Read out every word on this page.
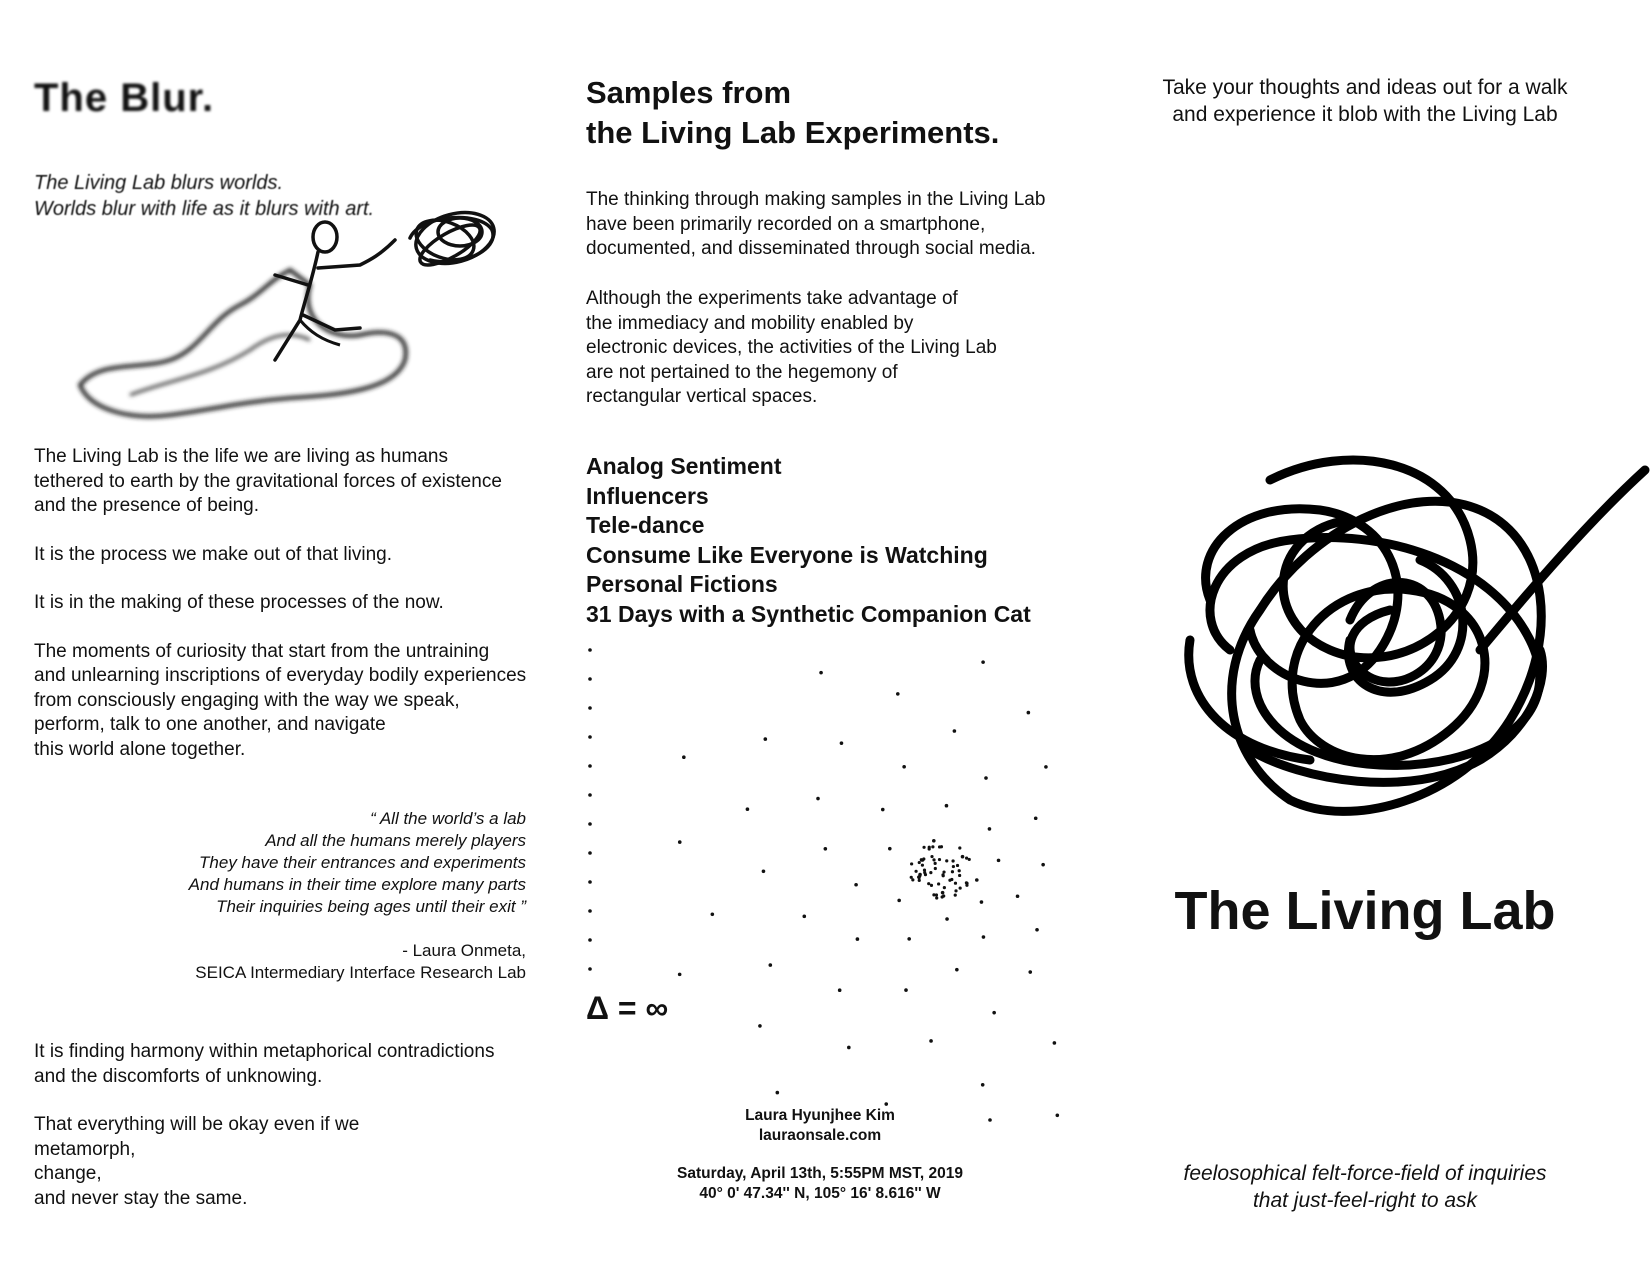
The Blur.
The Living Lab blurs worlds.
Worlds blur with life as it blurs with art.

The Living Lab is the life we are living as humans
tethered to earth by the gravitational forces of existence
and the presence of being.

It is the process we make out of that living.

It is in the making of these processes of the now.

The moments of curiosity that start from the untraining
and unlearning inscriptions of everyday bodily experiences
from consciously engaging with the way we speak,
perform, talk to one another, and navigate
this world alone together.

“ All the world’s a lab
And all the humans merely players
They have their entrances and experiments
And humans in their time explore many parts
Their inquiries being ages until their exit ”
- Laura Onmeta,
SEICA Intermediary Interface Research Lab

It is finding harmony within metaphorical contradictions
and the discomforts of unknowing.

That everything will be okay even if we
metamorph,
change,
and never stay the same.

Samples from
the Living Lab Experiments.
The thinking through making samples in the Living Lab
have been primarily recorded on a smartphone,
documented, and disseminated through social media.
Although the experiments take advantage of
the immediacy and mobility enabled by
electronic devices, the activities of the Living Lab
are not pertained to the hegemony of
rectangular vertical spaces.
Analog Sentiment
Influencers
Tele-dance
Consume Like Everyone is Watching
Personal Fictions
31 Days with a Synthetic Companion Cat
Δ = ∞
Laura Hyunjhee Kim
lauraonsale.com
Saturday, April 13th, 5:55PM MST, 2019
40° 0' 47.34'' N, 105° 16' 8.616'' W
Take your thoughts and ideas out for a walk
and experience it blob with the Living Lab
The Living Lab
feelosophical felt-force-field of inquiries
that just-feel-right to ask
